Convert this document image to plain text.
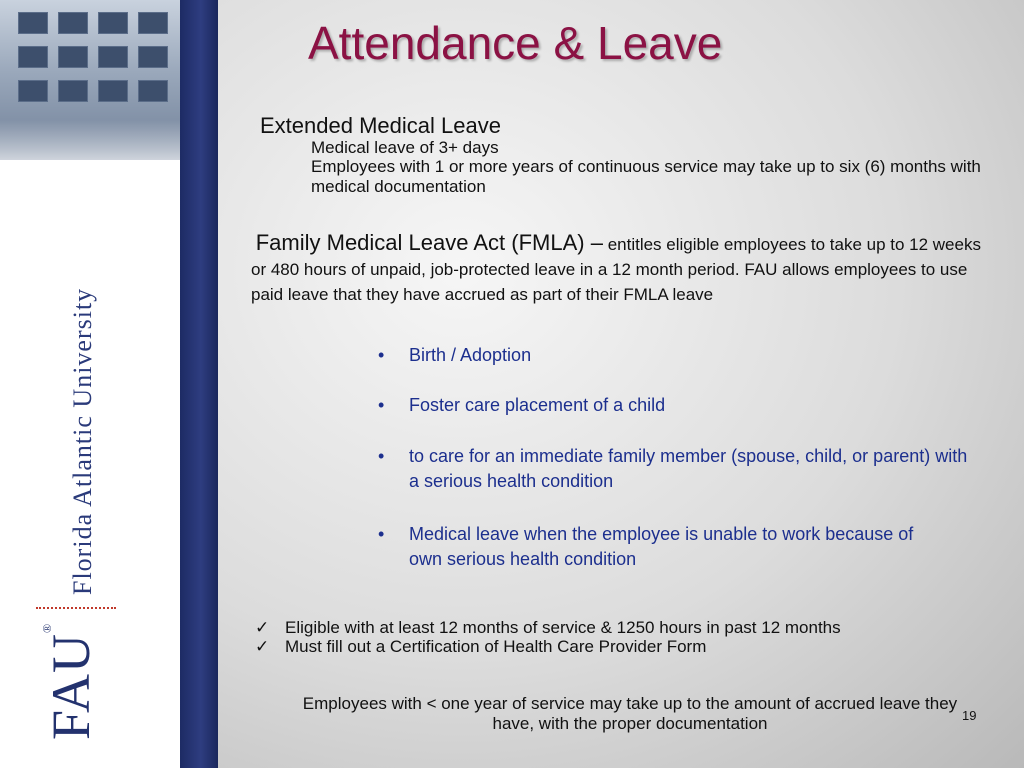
Florida Atlantic University
FAU®
Attendance & Leave
Extended Medical Leave
Medical leave of 3+ days
Employees with 1 or more years of continuous service may take up to six (6) months with medical documentation
Family Medical Leave Act (FMLA) – entitles eligible employees to take up to 12 weeks or 480 hours of unpaid, job-protected leave in a 12 month period. FAU allows employees to use paid leave that they have accrued as part of their FMLA leave
• Birth / Adoption
• Foster care placement of a child
• to care for an immediate family member (spouse, child, or parent) with a serious health condition
• Medical leave when the employee is unable to work because of own serious health condition
✓ Eligible with at least 12 months of service & 1250 hours in past 12 months
✓ Must fill out a Certification of Health Care Provider Form
Employees with < one year of service may take up to the amount of accrued leave they have, with the proper documentation	19
